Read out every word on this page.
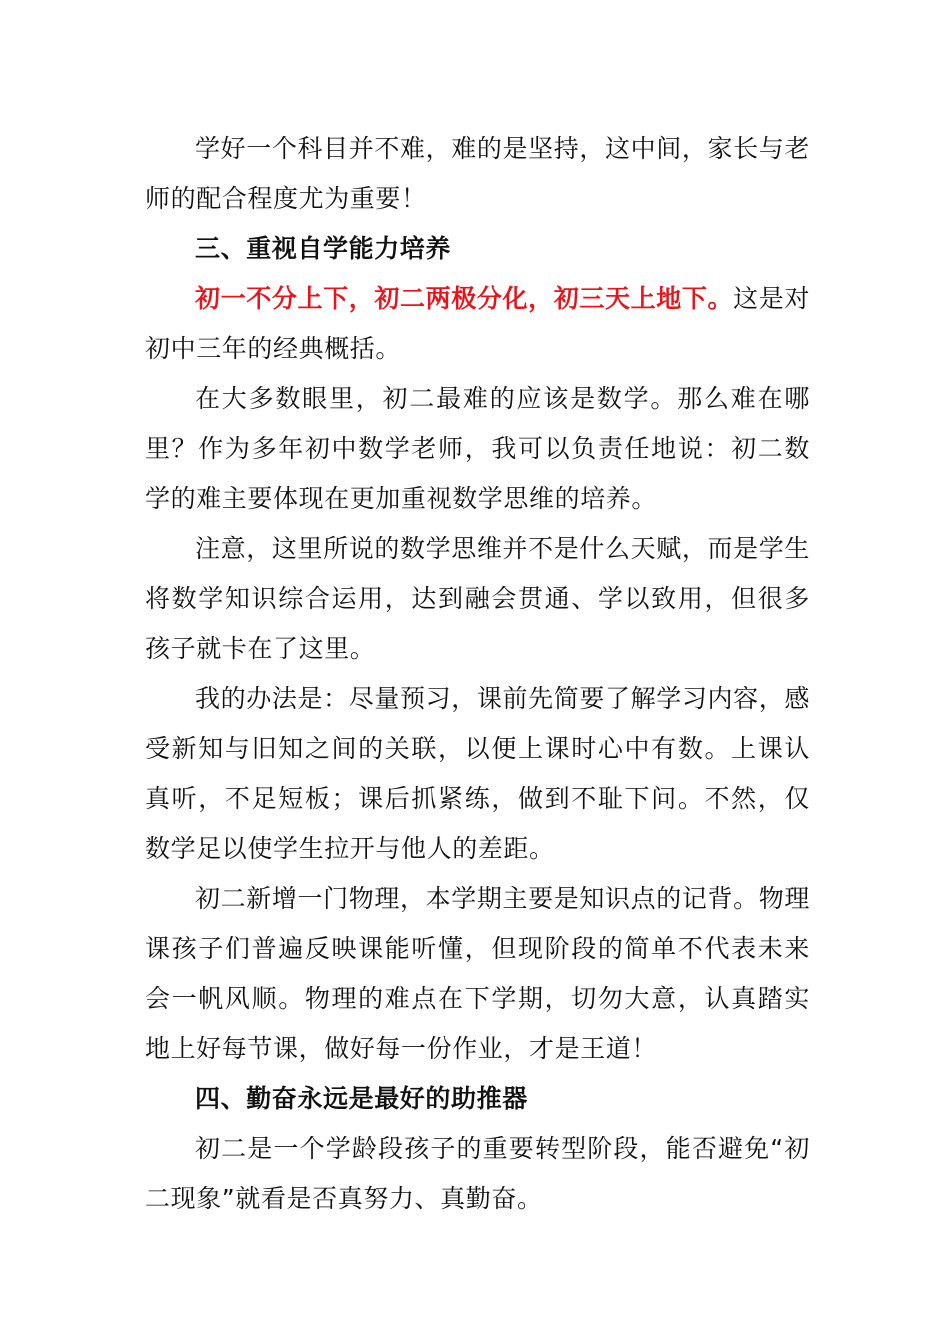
学好一个科目并不难，难的是坚持，这中间，家长与老师的配合程度尤为重要！

三、重视自学能力培养

初一不分上下，初二两极分化，初三天上地下。这是对初中三年的经典概括。

在大多数眼里，初二最难的应该是数学。那么难在哪里？作为多年初中数学老师，我可以负责任地说：初二数学的难主要体现在更加重视数学思维的培养。

注意，这里所说的数学思维并不是什么天赋，而是学生将数学知识综合运用，达到融会贯通、学以致用，但很多孩子就卡在了这里。

我的办法是：尽量预习，课前先简要了解学习内容，感受新知与旧知之间的关联，以便上课时心中有数。上课认真听，不足短板；课后抓紧练，做到不耻下问。不然，仅数学足以使学生拉开与他人的差距。

初二新增一门物理，本学期主要是知识点的记背。物理课孩子们普遍反映课能听懂，但现阶段的简单不代表未来会一帆风顺。物理的难点在下学期，切勿大意，认真踏实地上好每节课，做好每一份作业，才是王道！

四、勤奋永远是最好的助推器

初二是一个学龄段孩子的重要转型阶段，能否避免“初二现象”就看是否真努力、真勤奋。
